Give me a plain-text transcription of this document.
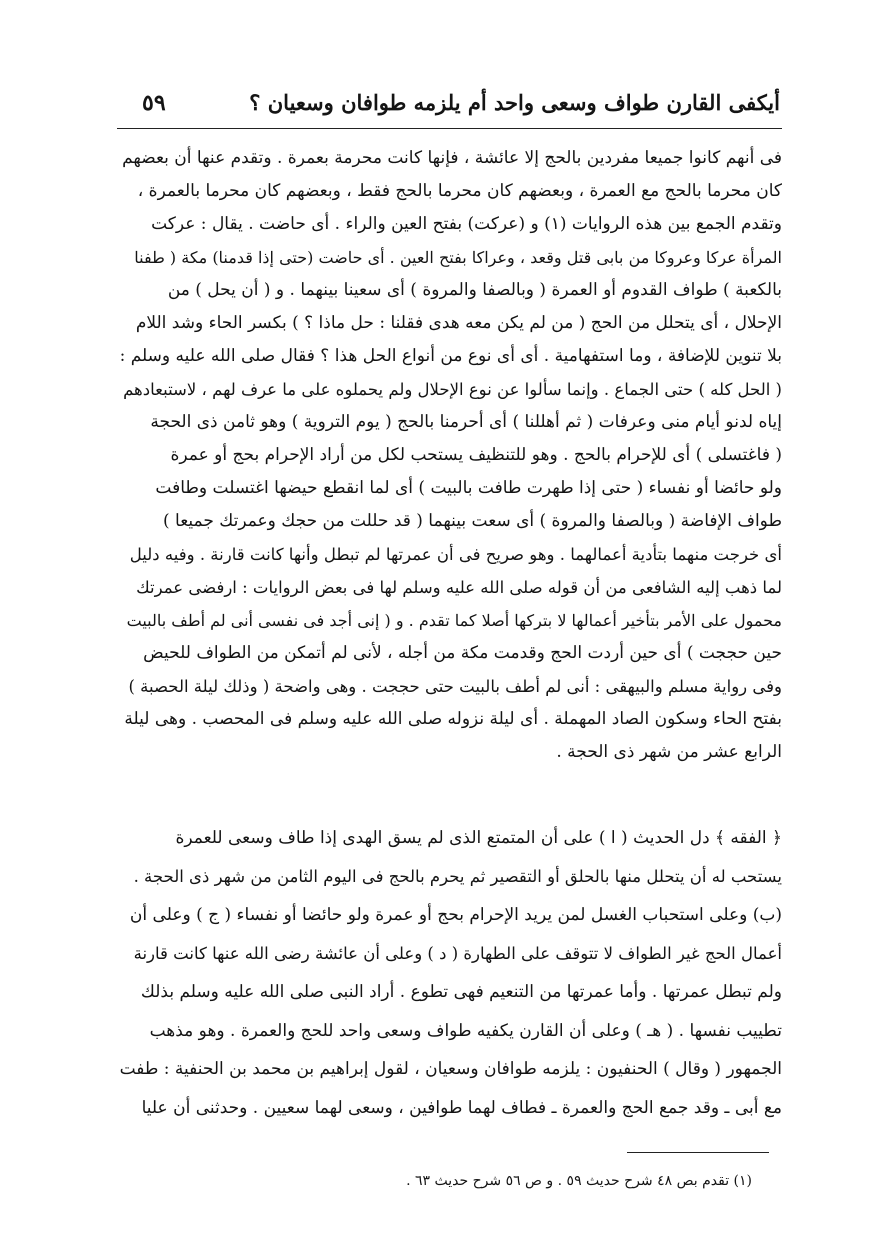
أيكفى القارن طواف وسعى واحد أم يلزمه طوافان وسعيان ؟
٥٩
فى أنهم كانوا جميعا مفردين بالحج إلا عائشة ، فإنها كانت محرمة بعمرة . وتقدم عنها أن بعضهم
كان محرما بالحج مع العمرة ، وبعضهم كان محرما بالحج فقط ، وبعضهم كان محرما بالعمرة ،
وتقدم الجمع بين هذه الروايات (١) و (عركت) بفتح العين والراء . أى حاضت . يقال : عركت
المرأة عركا وعروكا من بابى قتل وقعد ، وعراكا بفتح العين . أى حاضت (حتى إذا قدمنا) مكة ( طفنا
بالكعبة ) طواف القدوم أو العمرة ( وبالصفا والمروة ) أى سعينا بينهما . و ( أن يحل ) من
الإحلال ، أى يتحلل من الحج ( من لم يكن معه هدى فقلنا : حل ماذا ؟ ) بكسر الحاء وشد اللام
بلا تنوين للإضافة ، وما استفهامية . أى أى نوع من أنواع الحل هذا ؟ فقال صلى الله عليه وسلم :
( الحل كله ) حتى الجماع . وإنما سألوا عن نوع الإحلال ولم يحملوه على ما عرف لهم ، لاستبعادهم
إياه لدنو أيام منى وعرفات ( ثم أهللنا ) أى أحرمنا بالحج ( يوم التروية ) وهو ثامن ذى الحجة
( فاغتسلى ) أى للإحرام بالحج . وهو للتنظيف يستحب لكل من أراد الإحرام بحج أو عمرة
ولو حائضا أو نفساء ( حتى إذا طهرت طافت بالبيت ) أى لما انقطع حيضها اغتسلت وطافت
طواف الإفاضة ( وبالصفا والمروة ) أى سعت بينهما ( قد حللت من حجك وعمرتك جميعا )
أى خرجت منهما بتأدية أعمالهما . وهو صريح فى أن عمرتها لم تبطل وأنها كانت قارنة . وفيه دليل
لما ذهب إليه الشافعى من أن قوله صلى الله عليه وسلم لها فى بعض الروايات : ارفضى عمرتك
محمول على الأمر بتأخير أعمالها لا بتركها أصلا كما تقدم . و ( إنى أجد فى نفسى أنى لم أطف بالبيت
حين حججت ) أى حين أردت الحج وقدمت مكة من أجله ، لأنى لم أتمكن من الطواف للحيض
وفى رواية مسلم والبيهقى : أنى لم أطف بالبيت حتى حججت . وهى واضحة ( وذلك ليلة الحصبة )
بفتح الحاء وسكون الصاد المهملة . أى ليلة نزوله صلى الله عليه وسلم فى المحصب . وهى ليلة
الرابع عشر من شهر ذى الحجة .
﴿ الفقه ﴾ دل الحديث ( ا ) على أن المتمتع الذى لم يسق الهدى إذا طاف وسعى للعمرة
يستحب له أن يتحلل منها بالحلق أو التقصير ثم يحرم بالحج فى اليوم الثامن من شهر ذى الحجة .
(ب) وعلى استحباب الغسل لمن يريد الإحرام بحج أو عمرة ولو حائضا أو نفساء ( ج ) وعلى أن
أعمال الحج غير الطواف لا تتوقف على الطهارة ( د ) وعلى أن عائشة رضى الله عنها كانت قارنة
ولم تبطل عمرتها . وأما عمرتها من التنعيم فهى تطوع . أراد النبى صلى الله عليه وسلم بذلك
تطييب نفسها . ( هـ ) وعلى أن القارن يكفيه طواف وسعى واحد للحج والعمرة . وهو مذهب
الجمهور ( وقال ) الحنفيون : يلزمه طوافان وسعيان ، لقول إبراهيم بن محمد بن الحنفية : طفت
مع أبى ـ وقد جمع الحج والعمرة ـ فطاف لهما طوافين ، وسعى لهما سعيين . وحدثنى أن عليا
(١) تقدم بص ٤٨ شرح حديث ٥٩ . و ص ٥٦ شرح حديث ٦٣ .
